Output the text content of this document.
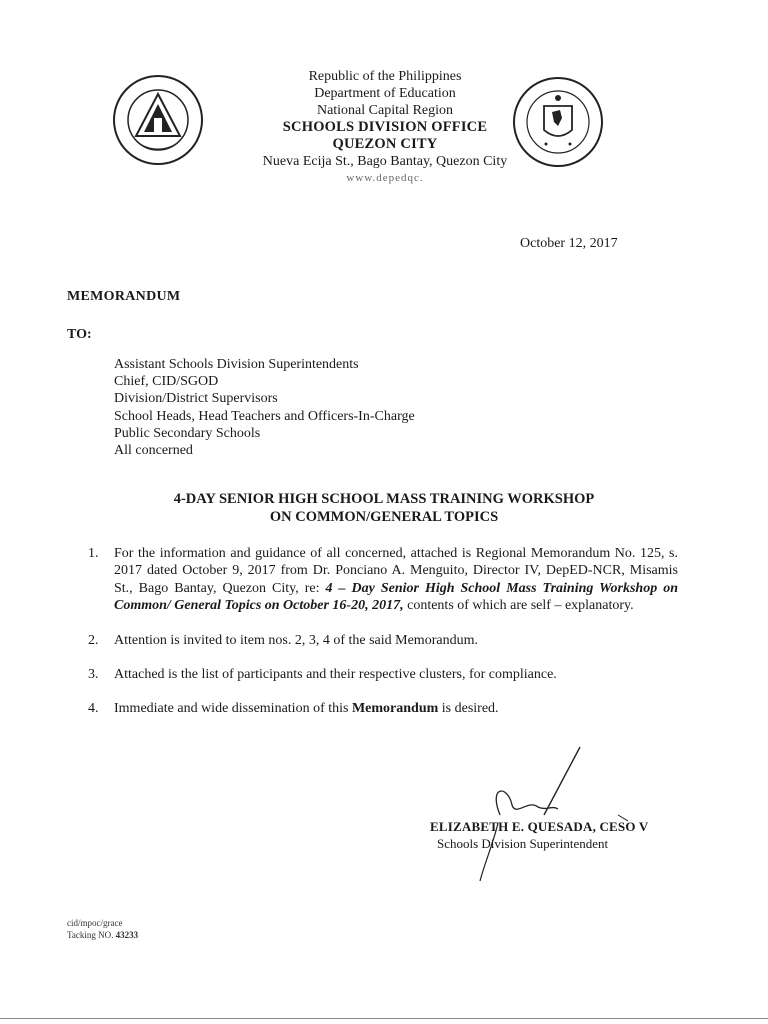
Republic of the Philippines
Department of Education
National Capital Region
SCHOOLS DIVISION OFFICE
QUEZON CITY
Nueva Ecija St., Bago Bantay, Quezon City
www.depedqc.
October 12, 2017
MEMORANDUM
TO:
Assistant Schools Division Superintendents
Chief, CID/SGOD
Division/District Supervisors
School Heads, Head Teachers and Officers-In-Charge
Public Secondary Schools
All concerned
4-DAY SENIOR HIGH SCHOOL MASS TRAINING WORKSHOP
ON COMMON/GENERAL TOPICS
1.	For the information and guidance of all concerned, attached is Regional Memorandum No. 125, s. 2017 dated October 9, 2017 from Dr. Ponciano A. Menguito, Director IV, DepED-NCR, Misamis St., Bago Bantay, Quezon City, re: 4 – Day Senior High School Mass Training Workshop on Common/ General Topics on October 16-20, 2017, contents of which are self – explanatory.
2.	Attention is invited to item nos. 2, 3, 4 of the said Memorandum.
3.	Attached is the list of participants and their respective clusters, for compliance.
4.	Immediate and wide dissemination of this Memorandum is desired.
ELIZABETH E. QUESADA, CESO V
Schools Division Superintendent
cid/mpoc/grace
Tacking NO. 43233
